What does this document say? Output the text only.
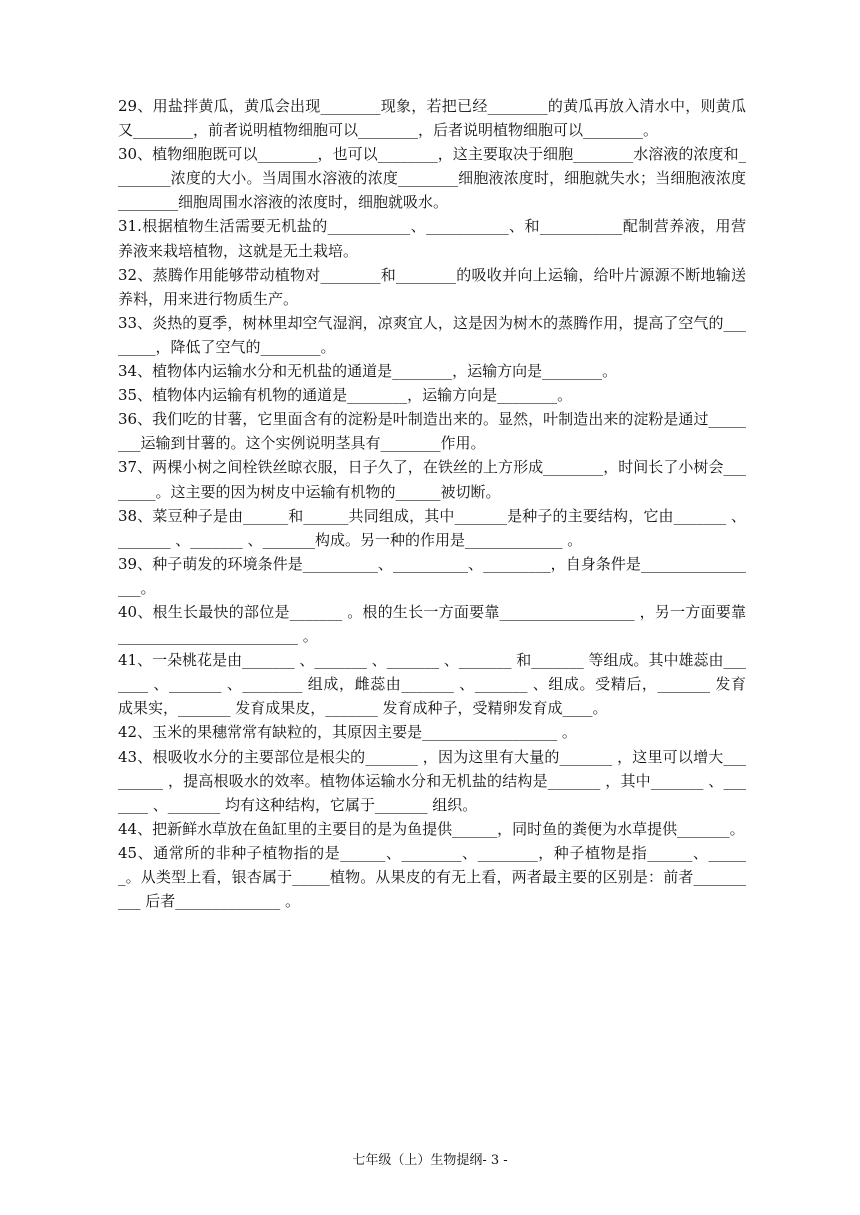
29、用盐拌黄瓜，黄瓜会出现________现象，若把已经________的黄瓜再放入清水中，则黄瓜又________，前者说明植物细胞可以________，后者说明植物细胞可以________。

30、植物细胞既可以________，也可以________，这主要取决于细胞________水溶液的浓度和________浓度的大小。当周围水溶液的浓度________细胞液浓度时，细胞就失水；当细胞液浓度________细胞周围水溶液的浓度时，细胞就吸水。

31.根据植物生活需要无机盐的___________、___________、和___________配制营养液，用营养液来栽培植物，这就是无土栽培。

32、蒸腾作用能够带动植物对________和________的吸收并向上运输，给叶片源源不断地输送养料，用来进行物质生产。

33、炎热的夏季，树林里却空气湿润，凉爽宜人，这是因为树木的蒸腾作用，提高了空气的________，降低了空气的________。

34、植物体内运输水分和无机盐的通道是________，运输方向是________。

35、植物体内运输有机物的通道是________，运输方向是________。

36、我们吃的甘薯，它里面含有的淀粉是叶制造出来的。显然，叶制造出来的淀粉是通过________运输到甘薯的。这个实例说明茎具有________作用。

37、两棵小树之间栓铁丝晾衣服，日子久了，在铁丝的上方形成________，时间长了小树会________。这主要的因为树皮中运输有机物的______被切断。

38、菜豆种子是由______和______共同组成，其中_______是种子的主要结构，它由_______ 、_______ 、_______ 、_______构成。另一种的作用是_____________ 。

39、种子萌发的环境条件是__________、__________、_________，自身条件是_________________。

40、根生长最快的部位是_______ 。根的生长一方面要靠__________________ ，另一方面要靠________________________ 。

41、一朵桃花是由_______ 、_______ 、_______ 、_______ 和_______ 等组成。其中雄蕊由_______ 、_______ 、________ 组成，雌蕊由_______ 、_______ 、组成。受精后，_______ 发育成果实，_______ 发育成果皮，_______ 发育成种子，受精卵发育成____。

42、玉米的果穗常常有缺粒的，其原因主要是__________________ 。

43、根吸收水分的主要部位是根尖的_______ ，因为这里有大量的_______ ，这里可以增大_________ ，提高根吸水的效率。植物体运输水分和无机盐的结构是_______ ，其中_______ 、_______ 、_______ 均有这种结构，它属于_______ 组织。

44、把新鲜水草放在鱼缸里的主要目的是为鱼提供______，同时鱼的粪便为水草提供_______。

45、通常所的非种子植物指的是______、________、________，种子植物是指______、______。从类型上看，银杏属于_____植物。从果皮的有无上看，两者最主要的区别是：前者__________ 后者______________ 。

七年级（上）生物提纲- 3 -
